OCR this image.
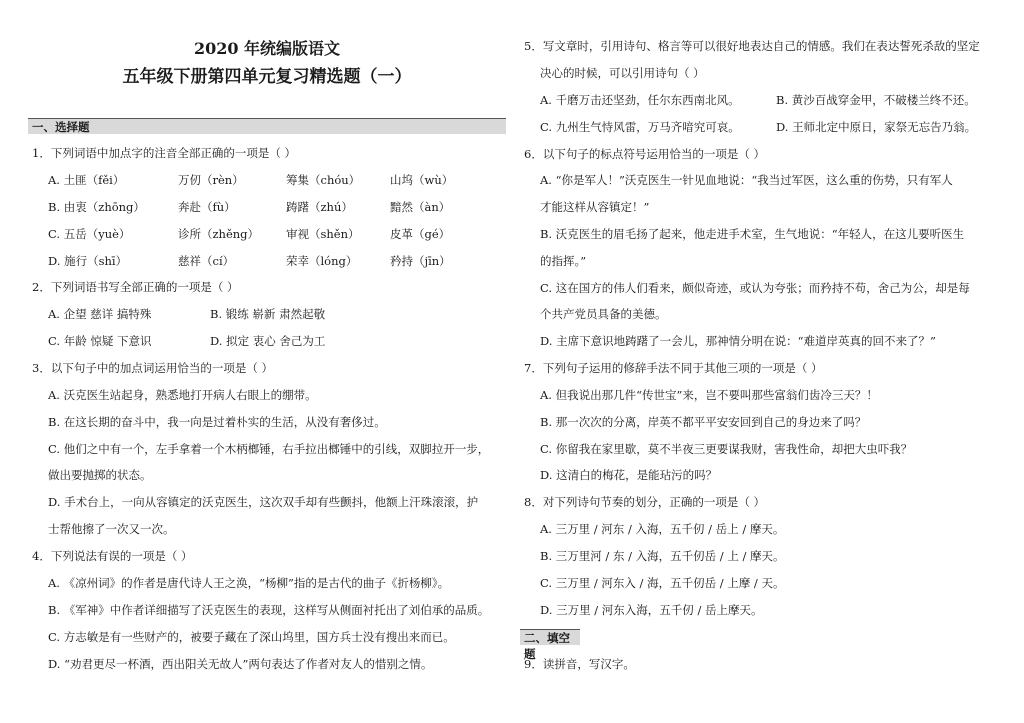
2020 年统编版语文
五年级下册第四单元复习精选题（一）
一、选择题
1．下列词语中加点字的注音全部正确的一项是（ ）
A. 土匪（fěi）	万仞（rèn）	筹集（chóu）	山坞（wù）
B. 由衷（zhōng）	奔赴（fù）	踌躇（zhú）	黯然（àn）
C. 五岳（yuè）	诊所（zhěng） 审视（shěn）	皮革（gé）
D. 施行（shī）	慈祥（cí）	荣幸（lóng）	矜持（jīn）
2．下列词语书写全部正确的一项是（ ）
A. 企望 慈详 搞特殊	B. 锻练 崭新 肃然起敬
C. 年龄 惊疑 下意识	D. 拟定 衷心 舍己为工
3．以下句子中的加点词运用恰当的一项是（ ）
A. 沃克医生站起身，熟悉地打开病人右眼上的绷带。
B. 在这长期的奋斗中，我一向是过着朴实的生活，从没有奢侈过。
C. 他们之中有一个，左手拿着一个木柄榔锤，右手拉出榔锤中的引线，双脚拉开一步，
做出要抛掷的状态。
D. 手术台上，一向从容镇定的沃克医生，这次双手却有些颤抖，他额上汗珠滚滚，护
士帮他擦了一次又一次。
4．下列说法有误的一项是（ ）
A. 《凉州词》的作者是唐代诗人王之涣，“杨柳”指的是古代的曲子《折杨柳》。
B. 《军神》中作者详细描写了沃克医生的表现，这样写从侧面衬托出了刘伯承的品质。
C. 方志敏是有一些财产的，被要子藏在了深山坞里，国方兵士没有搜出来而已。
D. “劝君更尽一杯酒，西出阳关无故人”两句表达了作者对友人的惜别之情。
5．写文章时，引用诗句、格言等可以很好地表达自己的情感。我们在表达誓死杀敌的坚定
决心的时候，可以引用诗句（ ）
A. 千磨万击还坚劲，任尔东西南北风。	B. 黄沙百战穿金甲，不破楼兰终不还。
C. 九州生气恃风雷，万马齐喑究可哀。	D. 王师北定中原日，家祭无忘告乃翁。
6．以下句子的标点符号运用恰当的一项是（ ）
A. “你是军人！”沃克医生一针见血地说：“我当过军医，这么重的伤势，只有军人
才能这样从容镇定！”
B. 沃克医生的眉毛扬了起来，他走进手术室，生气地说：“年轻人，在这儿要听医生
的指挥。”
C. 这在国方的伟人们看来，颇似奇迹，或认为夸张；而矜持不苟，舍己为公，却是每
个共产党员具备的美德。
D. 主席下意识地踌躇了一会儿，那神情分明在说：“难道岸英真的回不来了？”
7．下列句子运用的修辞手法不同于其他三项的一项是（ ）
A. 但我说出那几件“传世宝”来，岂不要叫那些富翁们齿冷三天？！
B. 那一次次的分离，岸英不都平平安安回到自己的身边来了吗？
C. 你留我在家里歇，莫不半夜三更要谋我财，害我性命，却把大虫吓我？
D. 这清白的梅花，是能玷污的吗？
8．对下列诗句节奏的划分，正确的一项是（ ）
A. 三万里 / 河东 / 入海，五千仞 / 岳上 / 摩天。
B. 三万里河 / 东 / 入海，五千仞岳 / 上 / 摩天。
C. 三万里 / 河东入 / 海，五千仞岳 / 上摩 / 天。
D. 三万里 / 河东入海，五千仞 / 岳上摩天。
二、填空题
9．读拼音，写汉字。
